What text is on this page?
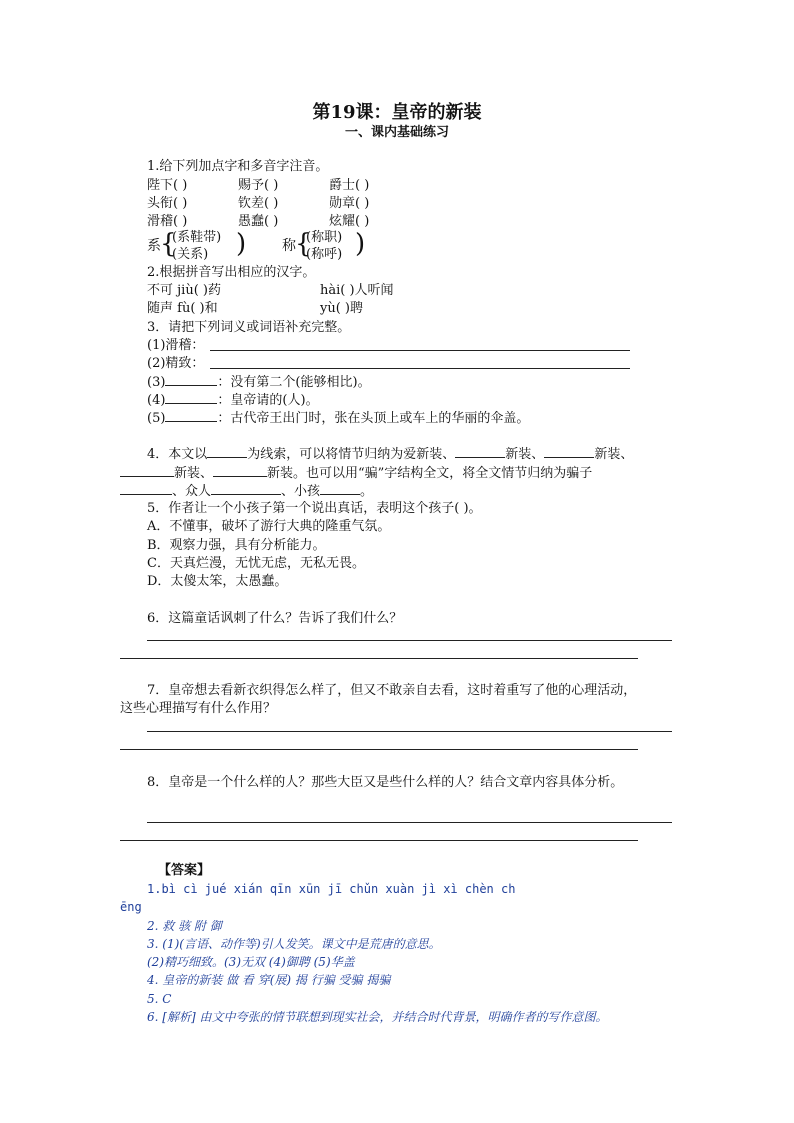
第19课：皇帝的新装
一、课内基础练习
1.给下列加点字和多音字注音。
陛下( )	赐予( )	爵士( )
头衔( )	钦差( )	勋章( )
滑稽( )	愚蠢( )	炫耀( )
系 {
(系鞋带)
(关系) )	称 {
(称职)
(称呼) )
2.根据拼音写出相应的汉字。
不可 jiù( )药	hài( )人听闻
随声 fù( )和	yù( )聘
3．请把下列词义或词语补充完整。
(1)滑稽：
(2)精致：
(3)	：没有第二个(能够相比)。
(4)	：皇帝请的(人)。
(5)	：古代帝王出门时，张在头顶上或车上的华丽的伞盖。
4．本文以	为线索，可以将情节归纳为爱新装、	新装、	新装、
新装、	新装。也可以用“骗”字结构全文，将全文情节归纳为骗子
、众人	、小孩	。
5．作者让一个小孩子第一个说出真话，表明这个孩子( )。
A．不懂事，破坏了游行大典的隆重气氛。
B．观察力强，具有分析能力。
C．天真烂漫，无忧无虑，无私无畏。
D．太傻太笨，太愚蠢。
6．这篇童话讽刺了什么？告诉了我们什么？
7．皇帝想去看新衣织得怎么样了，但又不敢亲自去看，这时着重写了他的心理活动，
这些心理描写有什么作用？
8．皇帝是一个什么样的人？那些大臣又是些什么样的人？结合文章内容具体分析。
【答案】
1.bì cì jué xián qīn xūn jī chǔn xuàn jì xì chèn ch
ēng
2. 救 骇 附 御
3. (1)(言语、动作等)引人发笑。课文中是荒唐的意思。
(2)精巧细致。(3)无双 (4)御聘 (5)华盖
4. 皇帝的新装 做 看 穿(展) 揭 行骗 受骗 揭骗
5. C
6. [解析] 由文中夸张的情节联想到现实社会，并结合时代背景，明确作者的写作意图。
